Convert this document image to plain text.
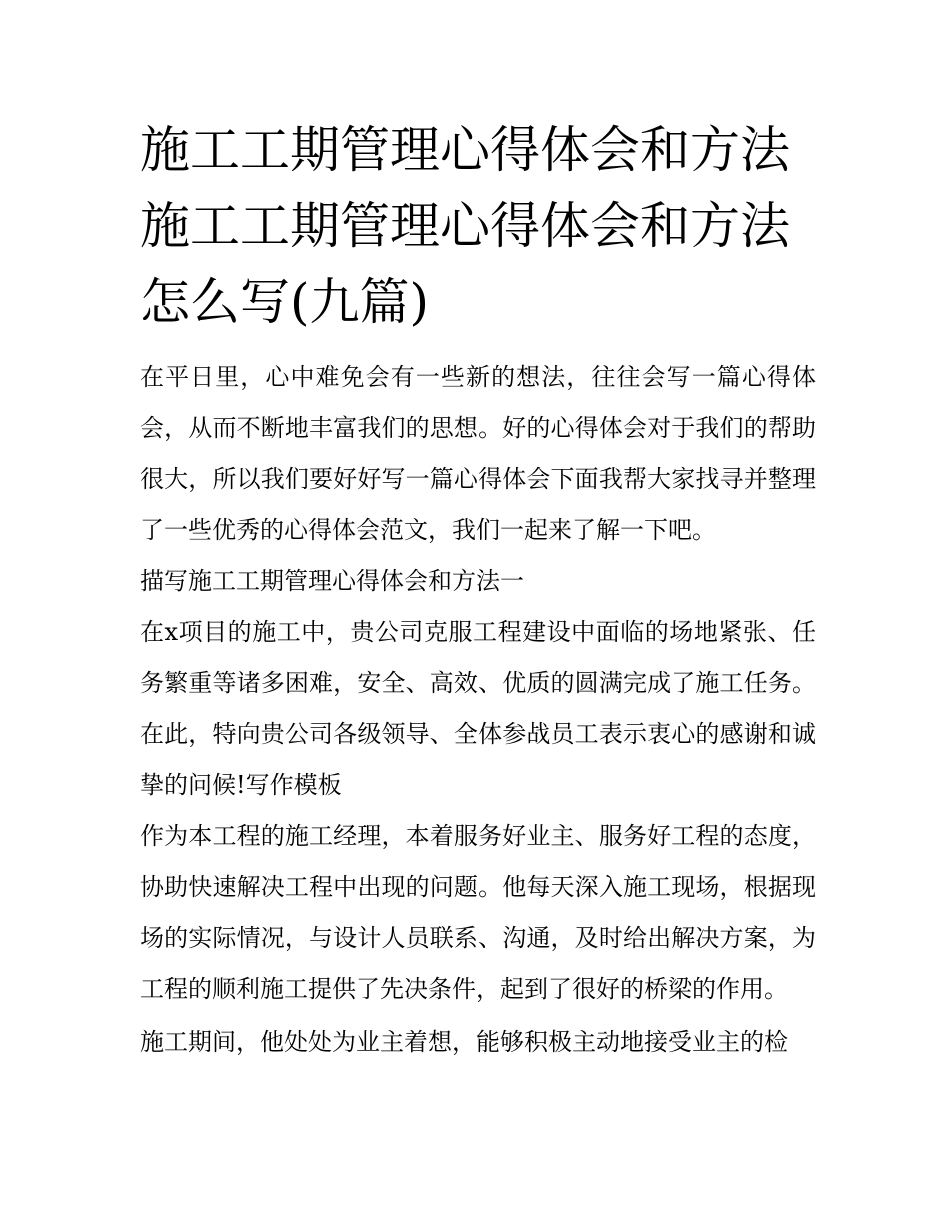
施工工期管理心得体会和方法
施工工期管理心得体会和方法
怎么写(九篇)

在平日里，心中难免会有一些新的想法，往往会写一篇心得体会，从而不断地丰富我们的思想。好的心得体会对于我们的帮助很大，所以我们要好好写一篇心得体会下面我帮大家找寻并整理了一些优秀的心得体会范文，我们一起来了解一下吧。

描写施工工期管理心得体会和方法一

在x项目的施工中，贵公司克服工程建设中面临的场地紧张、任务繁重等诸多困难，安全、高效、优质的圆满完成了施工任务。在此，特向贵公司各级领导、全体参战员工表示衷心的感谢和诚挚的问候!写作模板

作为本工程的施工经理，本着服务好业主、服务好工程的态度，协助快速解决工程中出现的问题。他每天深入施工现场，根据现场的实际情况，与设计人员联系、沟通，及时给出解决方案，为工程的顺利施工提供了先决条件，起到了很好的桥梁的作用。

施工期间，他处处为业主着想，能够积极主动地接受业主的检
